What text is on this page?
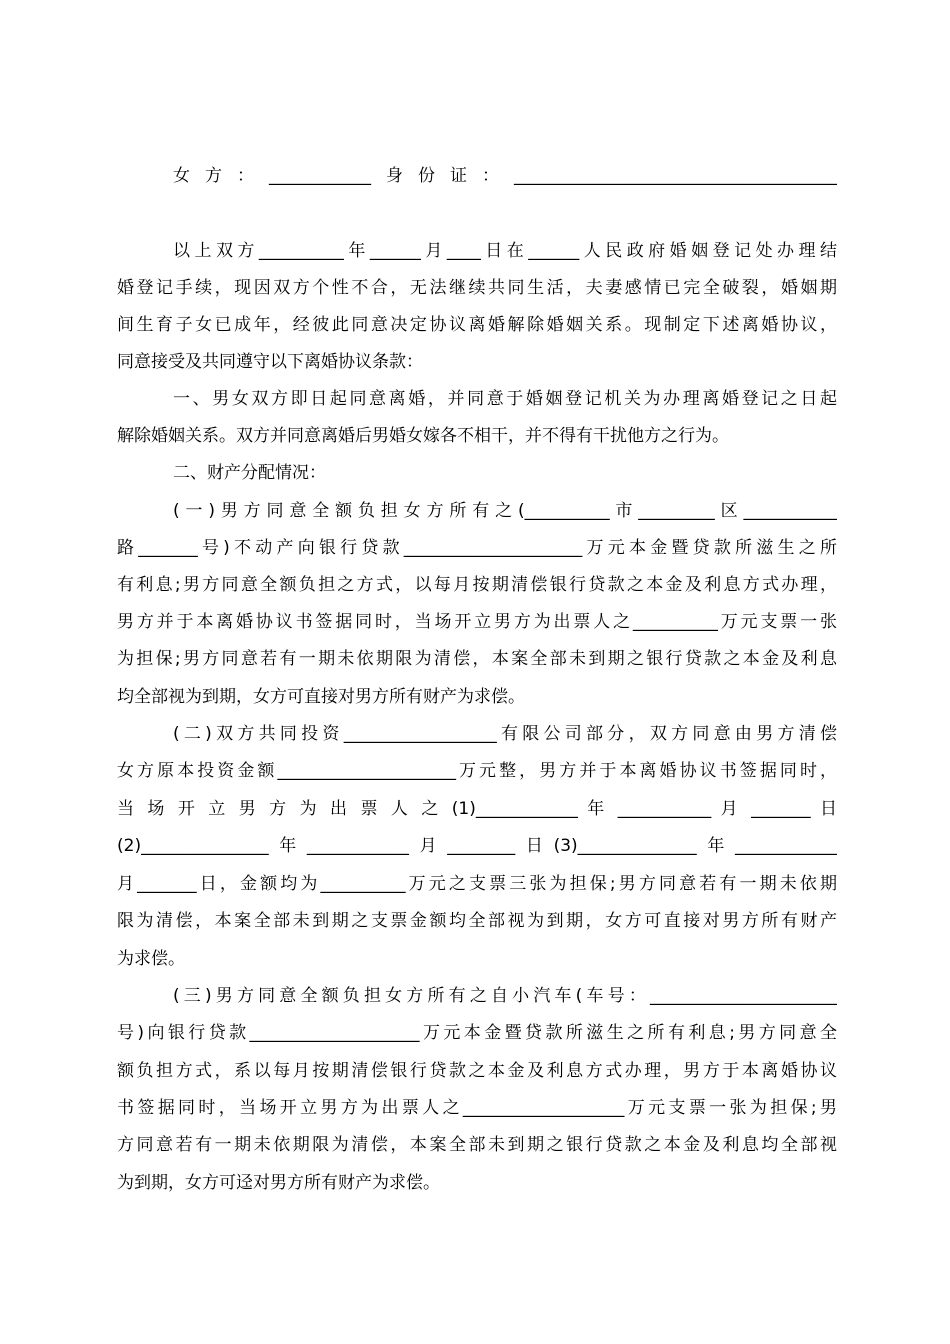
女方：____________身份证：______________________________________
以上双方__________年______月____日在______人民政府婚姻登记处办理结
婚登记手续，现因双方个性不合，无法继续共同生活，夫妻感情已完全破裂，婚姻期
间生育子女已成年，经彼此同意决定协议离婚解除婚姻关系。现制定下述离婚协议，
同意接受及共同遵守以下离婚协议条款：
一、男女双方即日起同意离婚，并同意于婚姻登记机关为办理离婚登记之日起
解除婚姻关系。双方并同意离婚后男婚女嫁各不相干，并不得有干扰他方之行为。
二、财产分配情况：
(一)男方同意全额负担女方所有之(__________市_________区___________
路_______号)不动产向银行贷款_____________________万元本金暨贷款所滋生之所
有利息;男方同意全额负担之方式，以每月按期清偿银行贷款之本金及利息方式办理，
男方并于本离婚协议书签据同时，当场开立男方为出票人之__________万元支票一张
为担保;男方同意若有一期未依期限为清偿，本案全部未到期之银行贷款之本金及利息
均全部视为到期，女方可直接对男方所有财产为求偿。
(二)双方共同投资__________________有限公司部分，双方同意由男方清偿
女方原本投资金额_____________________万元整，男方并于本离婚协议书签据同时，
当 场 开 立 男 方 为 出 票 人 之 (1)____________ 年 ___________ 月 _______ 日
(2)_______________年____________月________日(3)______________年____________
月_______日，金额均为__________万元之支票三张为担保;男方同意若有一期未依期
限为清偿，本案全部未到期之支票金额均全部视为到期，女方可直接对男方所有财产
为求偿。
(三)男方同意全额负担女方所有之自小汽车(车号：______________________
号)向银行贷款____________________万元本金暨贷款所滋生之所有利息;男方同意全
额负担方式，系以每月按期清偿银行贷款之本金及利息方式办理，男方于本离婚协议
书签据同时，当场开立男方为出票人之___________________万元支票一张为担保;男
方同意若有一期未依期限为清偿，本案全部未到期之银行贷款之本金及利息均全部视
为到期，女方可迳对男方所有财产为求偿。
